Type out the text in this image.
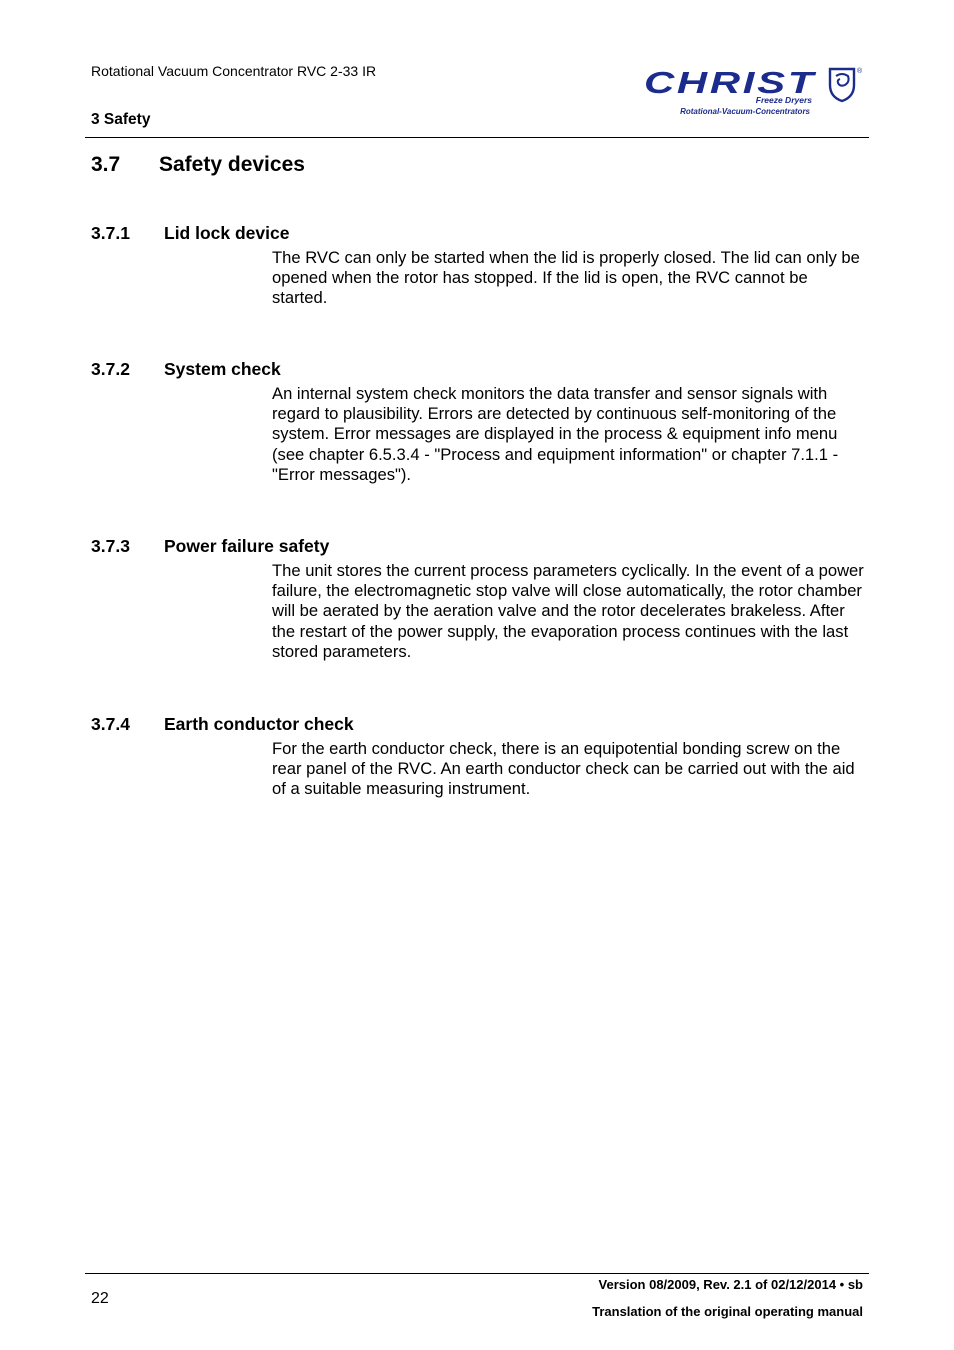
Rotational Vacuum Concentrator RVC 2-33 IR
3 Safety
CHRIST	®
Freeze Dryers
Rotational-Vacuum-Concentrators
3.7 Safety devices
3.7.1 Lid lock device
The RVC can only be started when the lid is properly closed. The lid can only be opened when the rotor has stopped. If the lid is open, the RVC cannot be started.
3.7.2 System check
An internal system check monitors the data transfer and sensor signals with regard to plausibility. Errors are detected by continuous self-monitoring of the system. Error messages are displayed in the process & equipment info menu (see chapter 6.5.3.4 - "Process and equipment information" or chapter 7.1.1 - "Error messages").
3.7.3 Power failure safety
The unit stores the current process parameters cyclically. In the event of a power failure, the electromagnetic stop valve will close automatically, the rotor chamber will be aerated by the aeration valve and the rotor decelerates brakeless. After the restart of the power supply, the evaporation process continues with the last stored parameters.
3.7.4 Earth conductor check
For the earth conductor check, there is an equipotential bonding screw on the rear panel of the RVC. An earth conductor check can be carried out with the aid of a suitable measuring instrument.
22
Version 08/2009, Rev. 2.1 of 02/12/2014 • sb
Translation of the original operating manual
